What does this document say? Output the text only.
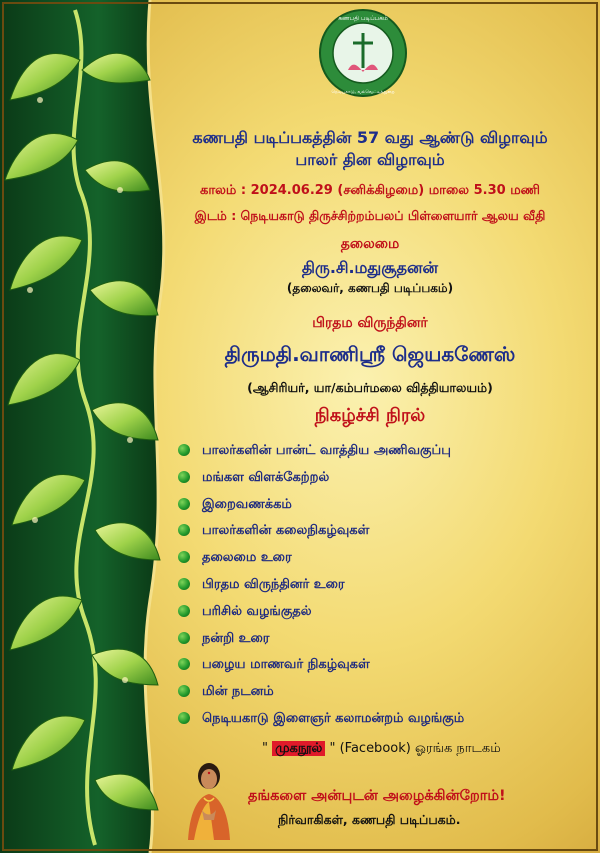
கணபதி படிப்பகம்
நெடியகாடு, வல்வெட்டித்துறை
கணபதி படிப்பகத்தின் 57 வது ஆண்டு விழாவும்
பாலர் தின விழாவும்
காலம் : 2024.06.29 (சனிக்கிழமை) மாலை 5.30 மணி
இடம் : நெடியகாடு திருச்சிற்றம்பலப் பிள்ளையார் ஆலய வீதி
தலைமை
திரு.சி.மதுசூதனன்
(தலைவர், கணபதி படிப்பகம்)
பிரதம விருந்தினர்
திருமதி.வாணிஸ்ரீ ஜெயகணேஸ்
(ஆசிரியர், யா/கம்பர்மலை வித்தியாலயம்)
நிகழ்ச்சி நிரல்
பாலர்களின் பான்ட் வாத்திய அணிவகுப்பு
மங்கள விளக்கேற்றல்
இறைவணக்கம்
பாலர்களின் கலைநிகழ்வுகள்
தலைமை உரை
பிரதம விருந்தினர் உரை
பரிசில் வழங்குதல்
நன்றி உரை
பழைய மாணவர் நிகழ்வுகள்
மின் நடனம்
நெடியகாடு இளைஞர் கலாமன்றம் வழங்கும்
" முகநூல் " (Facebook) ஓரங்க நாடகம்
தங்களை அன்புடன் அழைக்கின்றோம்!
நிர்வாகிகள், கணபதி படிப்பகம்.
